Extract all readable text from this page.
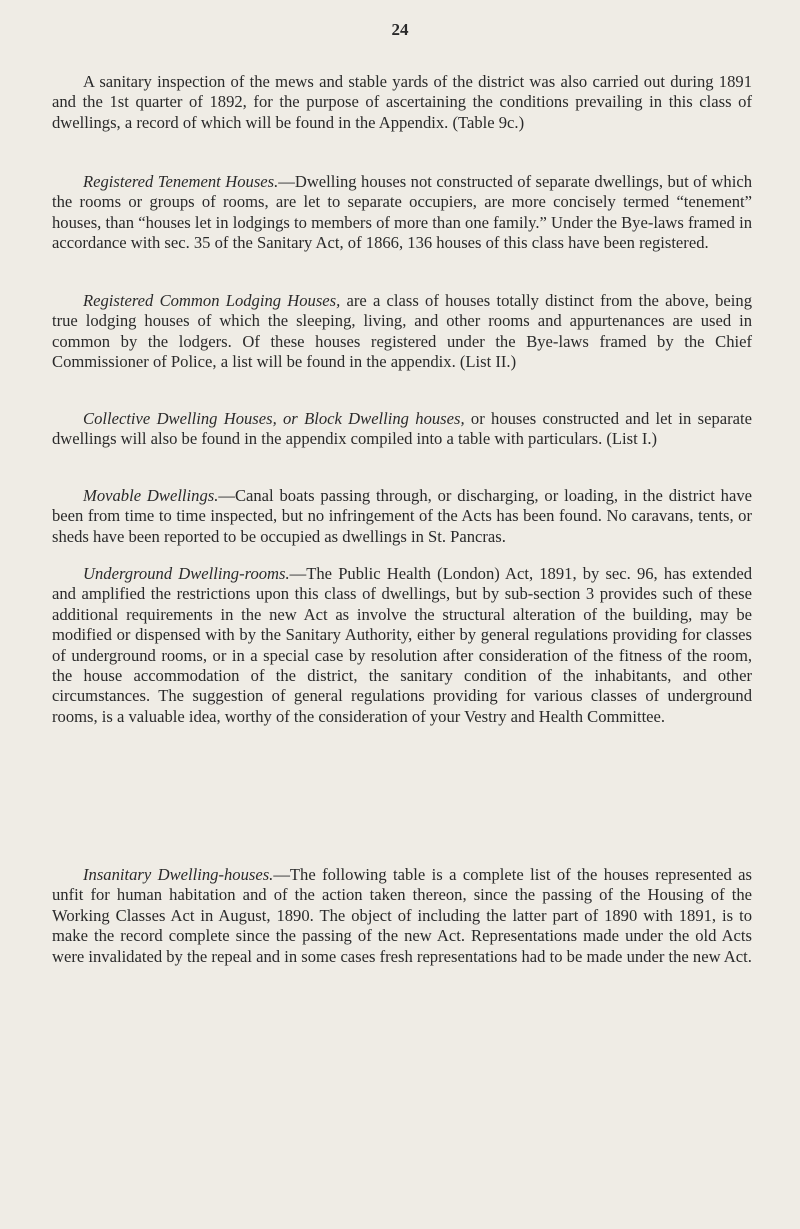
24

A sanitary inspection of the mews and stable yards of the district was also carried out during 1891 and the 1st quarter of 1892, for the purpose of ascertaining the conditions prevailing in this class of dwellings, a record of which will be found in the Appendix. (Table 9c.)

Registered Tenement Houses.—Dwelling houses not constructed of separate dwellings, but of which the rooms or groups of rooms, are let to separate occupiers, are more concisely termed “tenement” houses, than “houses let in lodgings to members of more than one family.” Under the Bye-laws framed in accordance with sec. 35 of the Sanitary Act, of 1866, 136 houses of this class have been registered.

Registered Common Lodging Houses, are a class of houses totally distinct from the above, being true lodging houses of which the sleeping, living, and other rooms and appurtenances are used in common by the lodgers. Of these houses registered under the Bye-laws framed by the Chief Commissioner of Police, a list will be found in the appendix. (List II.)

Collective Dwelling Houses, or Block Dwelling houses, or houses constructed and let in separate dwellings will also be found in the appendix compiled into a table with particulars. (List I.)

Movable Dwellings.—Canal boats passing through, or discharging, or loading, in the district have been from time to time inspected, but no infringement of the Acts has been found. No caravans, tents, or sheds have been reported to be occupied as dwellings in St. Pancras.

Underground Dwelling-rooms.—The Public Health (London) Act, 1891, by sec. 96, has extended and amplified the restrictions upon this class of dwellings, but by sub-section 3 provides such of these additional requirements in the new Act as involve the structural alteration of the building, may be modified or dispensed with by the Sanitary Authority, either by general regulations providing for classes of underground rooms, or in a special case by resolution after consideration of the fitness of the room, the house accommodation of the district, the sanitary condition of the inhabitants, and other circumstances. The suggestion of general regulations providing for various classes of underground rooms, is a valuable idea, worthy of the consideration of your Vestry and Health Committee.

Insanitary Dwelling-houses.—The following table is a complete list of the houses represented as unfit for human habitation and of the action taken thereon, since the passing of the Housing of the Working Classes Act in August, 1890. The object of including the latter part of 1890 with 1891, is to make the record complete since the passing of the new Act. Representations made under the old Acts were invalidated by the repeal and in some cases fresh representations had to be made under the new Act.
